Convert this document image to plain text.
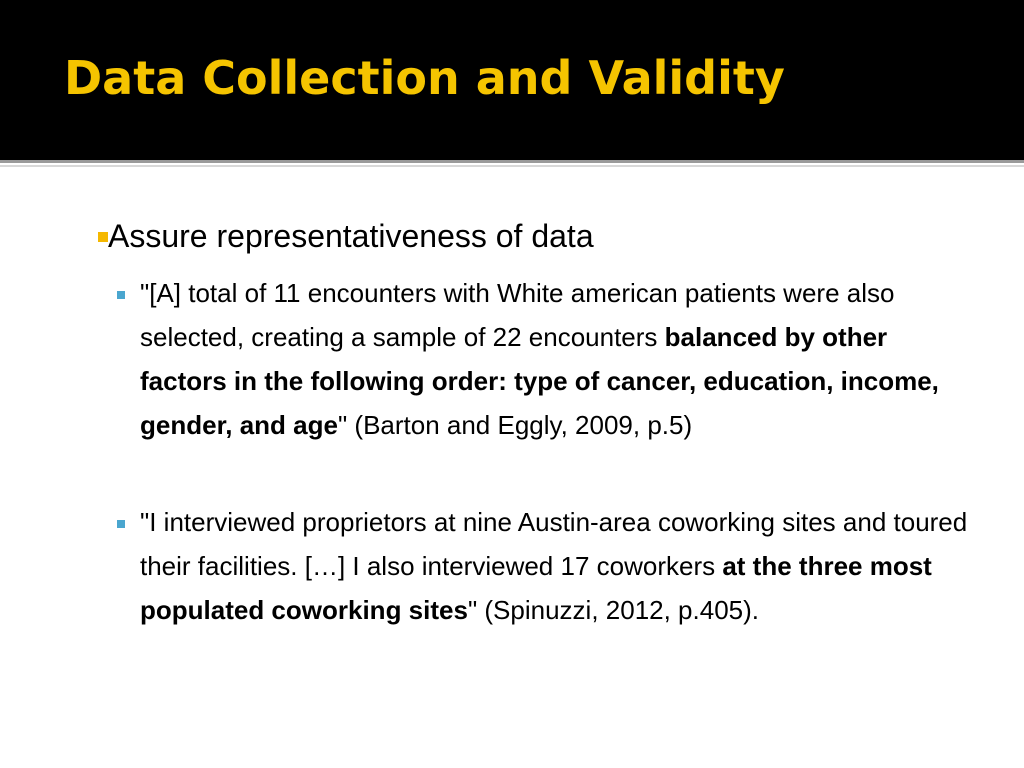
Data Collection and Validity
Assure representativeness of data
"[A] total of 11 encounters with White american patients were also selected, creating a sample of 22 encounters balanced by other factors in the following order: type of cancer, education, income, gender, and age" (Barton and Eggly, 2009, p.5)
"I interviewed proprietors at nine Austin-area coworking sites and toured their facilities. […] I also interviewed 17 coworkers at the three most populated coworking sites" (Spinuzzi, 2012, p.405).
